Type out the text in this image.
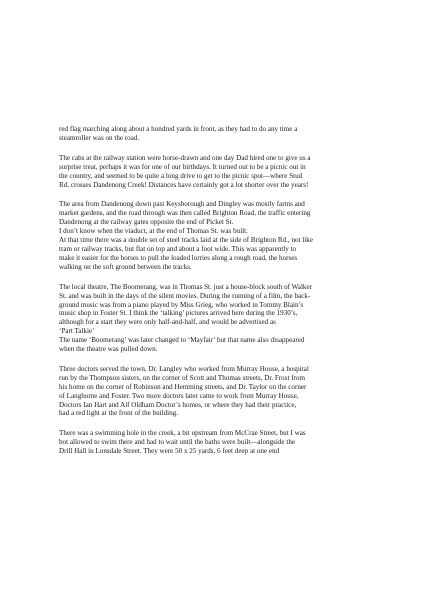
red flag marching along about a hundred yards in front, as they had to do any time a
steamroller was on the road.
The cabs at the railway station were horse-drawn and one day Dad hired one to give us a
surprise treat, perhaps it was for one of our birthdays. It turned out to be a picnic out in
the country, and seemed to be quite a long drive to get to the picnic spot—where Stud
Rd. crosses Dandenong Creek! Distances have certainly got a lot shorter over the years!
The area from Dandenong down past Keysborough and Dingley was mostly farms and
market gardens, and the road through was then called Brighton Road, the traffic entering
Dandenong at the railway gates opposite the end of Picket St.
I don’t know when the viaduct, at the end of Thomas St. was built.
At that time there was a double set of steel tracks laid at the side of Brighton Rd., not like
tram or railway tracks, but flat on top and about a foot wide. This was apparently to
make it easier for the horses to pull the loaded lorries along a rough road, the horses
walking on the soft ground between the tracks.
The local theatre, The Boomerang, was in Thomas St. just a house-block south of Walker
St. and was built in the days of the silent movies. During the running of a film, the back-
ground music was from a piano played by Miss Grieg, who worked in Tommy Blain’s
music shop in Foster St. I think the ‘talking’ pictures arrived here during the 1930’s,
although for a start they were only half-and-half, and would be advertised as
‘Part Talkie’
The name ‘Boomerang’ was later changed to ‘Mayfair’ but that name also disappeared
when the theatre was pulled down.
Three doctors served the town, Dr. Langley who worked from Murray House, a hospital
run by the Thompson sisters, on the corner of Scott and Thomas streets, Dr. Frost from
his home on the corner of Robinson and Hemming streets, and Dr. Taylor on the corner
of Langhorne and Foster. Two more doctors later came to work from Murray House,
Doctors Ian Hart and Alf Oldham Doctor’s homes, or where they had their practice,
had a red light at the front of the building.
There was a swimming hole in the creek, a bit upstream from McCrae Street, but I was
bot allowed to swim there and had to wait until the baths were built—alongside the
Drill Hall in Lonsdale Street. They were 50 x 25 yards, 6 feet deep at one end
